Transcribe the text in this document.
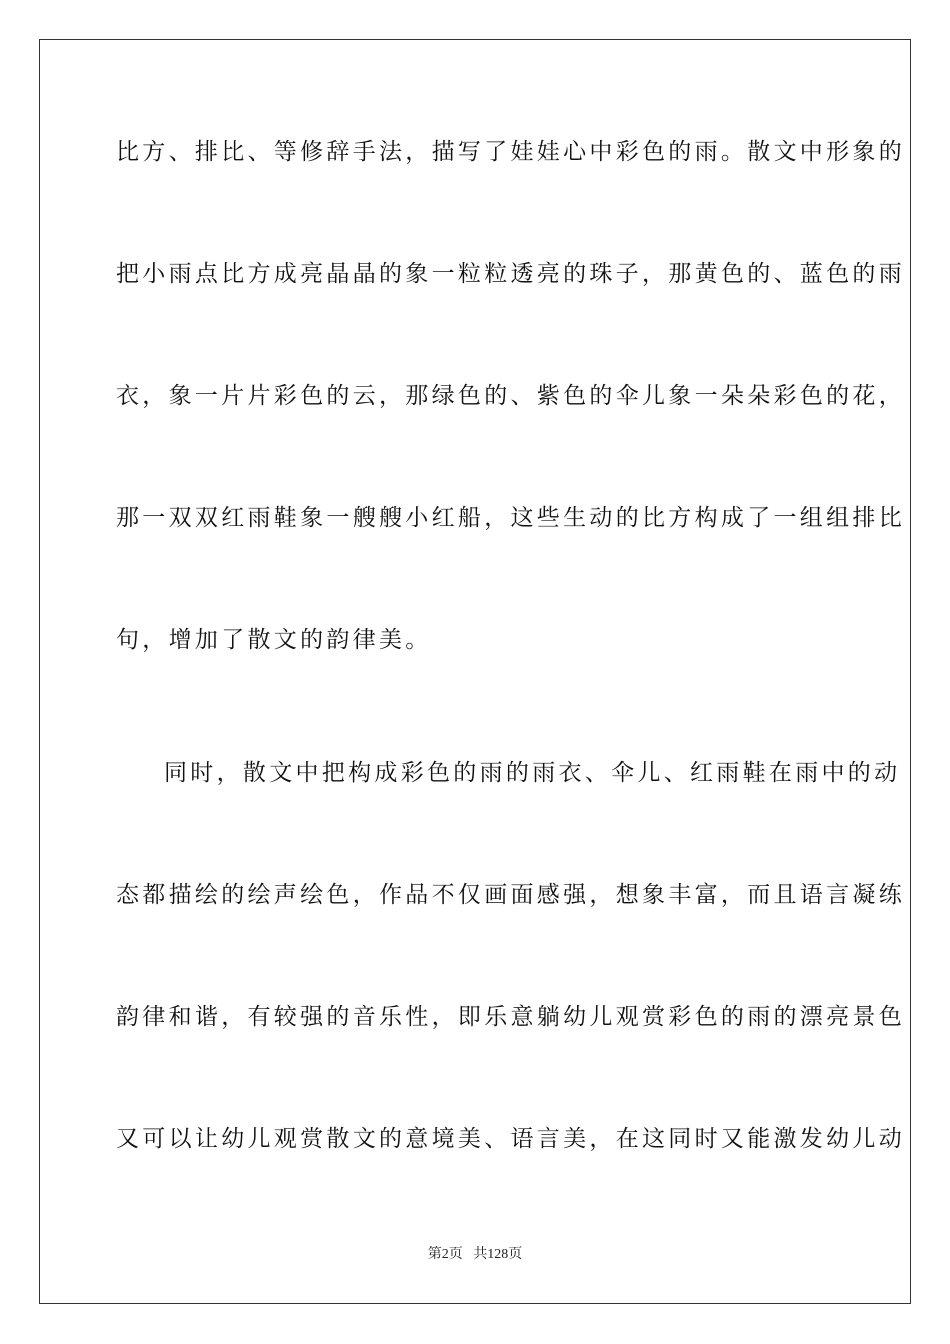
比方、排比、等修辞手法，描写了娃娃心中彩色的雨。散文中形象的
把小雨点比方成亮晶晶的象一粒粒透亮的珠子，那黄色的、蓝色的雨
衣，象一片片彩色的云，那绿色的、紫色的伞儿象一朵朵彩色的花，
那一双双红雨鞋象一艘艘小红船，这些生动的比方构成了一组组排比
句，增加了散文的韵律美。
同时，散文中把构成彩色的雨的雨衣、伞儿、红雨鞋在雨中的动
态都描绘的绘声绘色，作品不仅画面感强，想象丰富，而且语言凝练
韵律和谐，有较强的音乐性，即乐意躺幼儿观赏彩色的雨的漂亮景色
又可以让幼儿观赏散文的意境美、语言美，在这同时又能激发幼儿动
第2页 共128页
